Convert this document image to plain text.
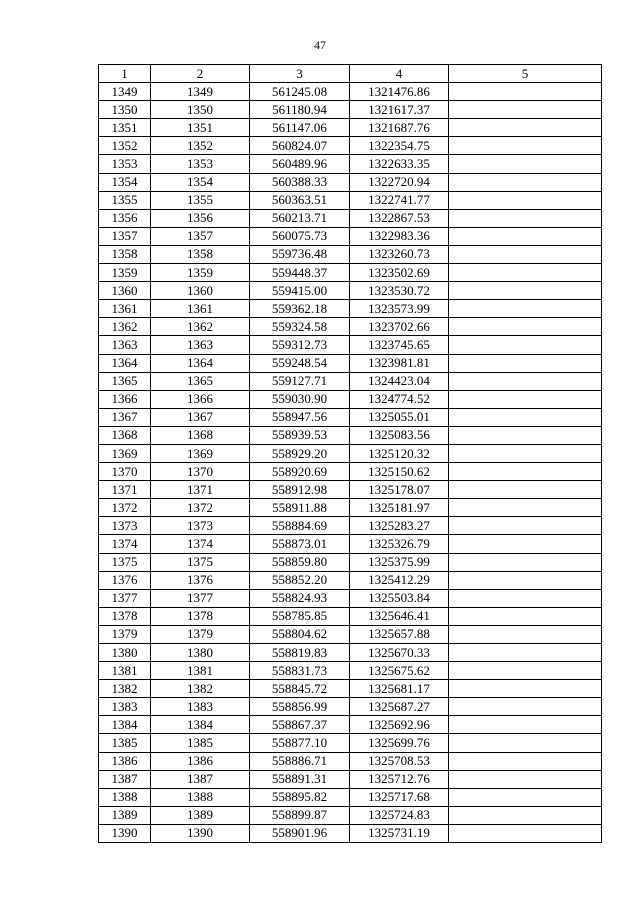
47
1	2	3	4	5
1349	1349	561245.08	1321476.86	
1350	1350	561180.94	1321617.37	
1351	1351	561147.06	1321687.76	
1352	1352	560824.07	1322354.75	
1353	1353	560489.96	1322633.35	
1354	1354	560388.33	1322720.94	
1355	1355	560363.51	1322741.77	
1356	1356	560213.71	1322867.53	
1357	1357	560075.73	1322983.36	
1358	1358	559736.48	1323260.73	
1359	1359	559448.37	1323502.69	
1360	1360	559415.00	1323530.72	
1361	1361	559362.18	1323573.99	
1362	1362	559324.58	1323702.66	
1363	1363	559312.73	1323745.65	
1364	1364	559248.54	1323981.81	
1365	1365	559127.71	1324423.04	
1366	1366	559030.90	1324774.52	
1367	1367	558947.56	1325055.01	
1368	1368	558939.53	1325083.56	
1369	1369	558929.20	1325120.32	
1370	1370	558920.69	1325150.62	
1371	1371	558912.98	1325178.07	
1372	1372	558911.88	1325181.97	
1373	1373	558884.69	1325283.27	
1374	1374	558873.01	1325326.79	
1375	1375	558859.80	1325375.99	
1376	1376	558852.20	1325412.29	
1377	1377	558824.93	1325503.84	
1378	1378	558785.85	1325646.41	
1379	1379	558804.62	1325657.88	
1380	1380	558819.83	1325670.33	
1381	1381	558831.73	1325675.62	
1382	1382	558845.72	1325681.17	
1383	1383	558856.99	1325687.27	
1384	1384	558867.37	1325692.96	
1385	1385	558877.10	1325699.76	
1386	1386	558886.71	1325708.53	
1387	1387	558891.31	1325712.76	
1388	1388	558895.82	1325717.68	
1389	1389	558899.87	1325724.83	
1390	1390	558901.96	1325731.19	
